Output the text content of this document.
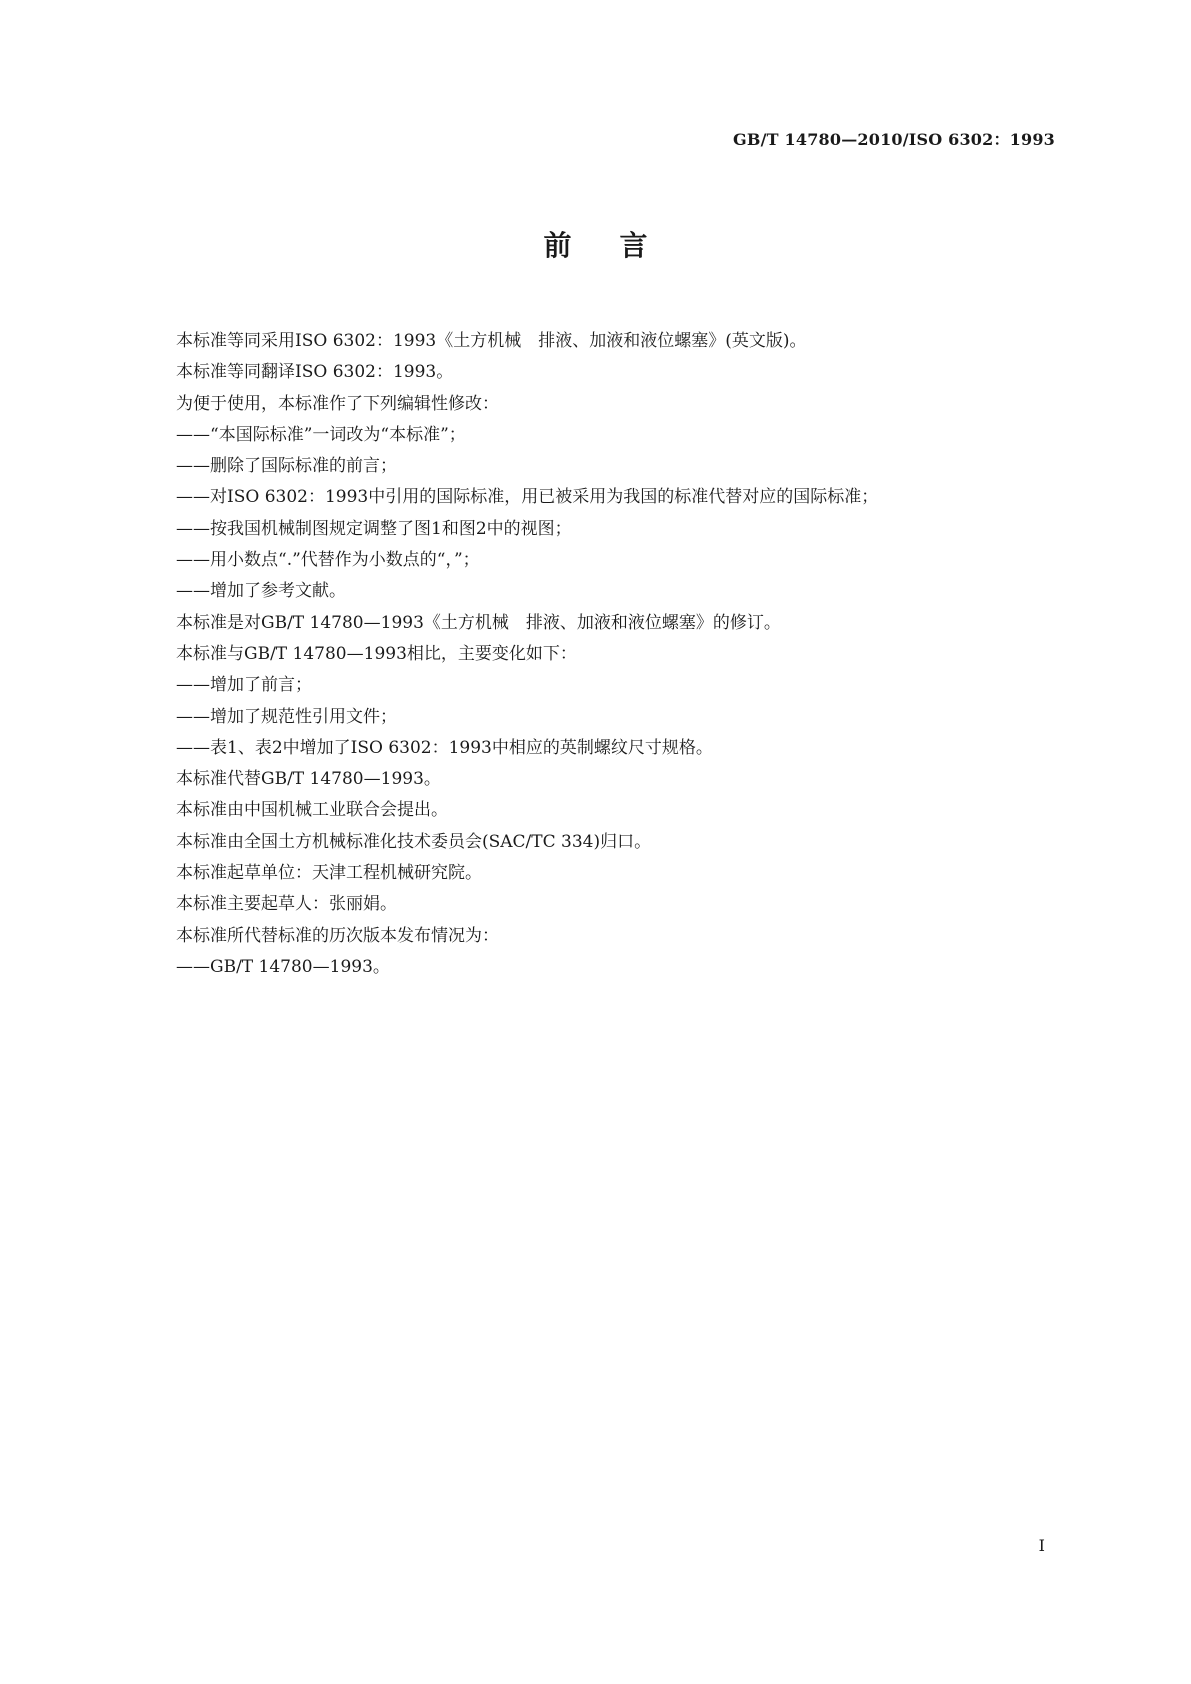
GB/T 14780—2010/ISO 6302：1993
前言
本标准等同采用ISO 6302：1993《土方机械　排液、加液和液位螺塞》(英文版)。
本标准等同翻译ISO 6302：1993。
为便于使用，本标准作了下列编辑性修改：
——“本国际标准”一词改为“本标准”；
——删除了国际标准的前言；
——对ISO 6302：1993中引用的国际标准，用已被采用为我国的标准代替对应的国际标准；
——按我国机械制图规定调整了图1和图2中的视图；
——用小数点“.”代替作为小数点的“，”；
——增加了参考文献。
本标准是对GB/T 14780—1993《土方机械　排液、加液和液位螺塞》的修订。
本标准与GB/T 14780—1993相比，主要变化如下：
——增加了前言；
——增加了规范性引用文件；
——表1、表2中增加了ISO 6302：1993中相应的英制螺纹尺寸规格。
本标准代替GB/T 14780—1993。
本标准由中国机械工业联合会提出。
本标准由全国土方机械标准化技术委员会(SAC/TC 334)归口。
本标准起草单位：天津工程机械研究院。
本标准主要起草人：张丽娟。
本标准所代替标准的历次版本发布情况为：
——GB/T 14780—1993。
I
